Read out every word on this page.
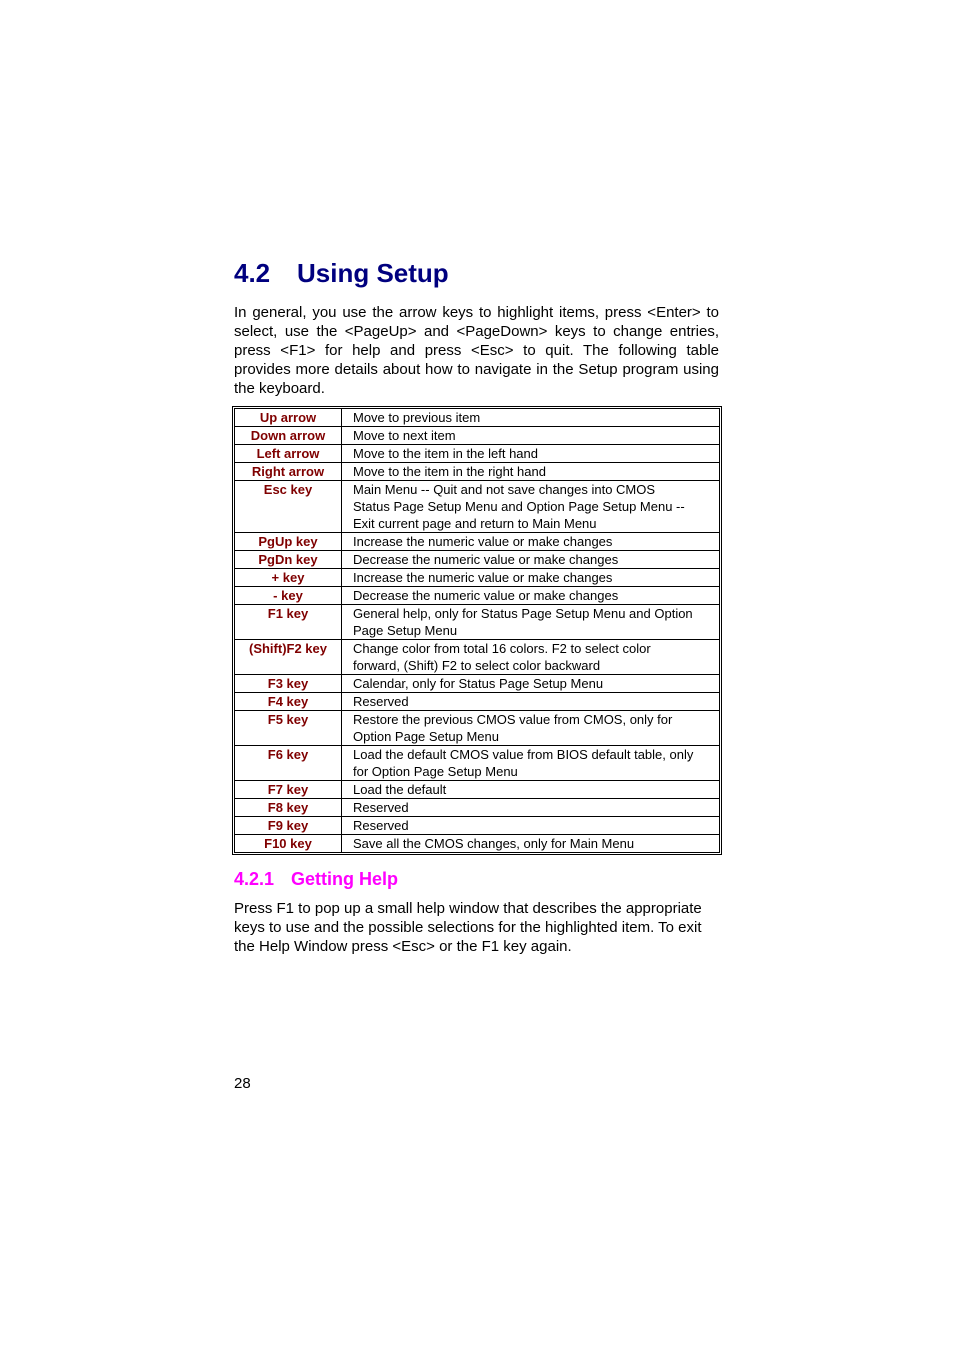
4.2 Using Setup

In general, you use the arrow keys to highlight items, press <Enter> to select, use the <PageUp> and <PageDown> keys to change entries, press <F1> for help and press <Esc> to quit. The following table provides more details about how to navigate in the Setup program using the keyboard.

Up arrow	Move to previous item
Down arrow	Move to next item
Left arrow	Move to the item in the left hand
Right arrow	Move to the item in the right hand
Esc key	Main Menu -- Quit and not save changes into CMOS
Status Page Setup Menu and Option Page Setup Menu --
Exit current page and return to Main Menu
PgUp key	Increase the numeric value or make changes
PgDn key	Decrease the numeric value or make changes
+ key	Increase the numeric value or make changes
- key	Decrease the numeric value or make changes
F1 key	General help, only for Status Page Setup Menu and Option
Page Setup Menu
(Shift)F2 key	Change color from total 16 colors. F2 to select color
forward, (Shift) F2 to select color backward
F3 key	Calendar, only for Status Page Setup Menu
F4 key	Reserved
F5 key	Restore the previous CMOS value from CMOS, only for
Option Page Setup Menu
F6 key	Load the default CMOS value from BIOS default table, only
for Option Page Setup Menu
F7 key	Load the default
F8 key	Reserved
F9 key	Reserved
F10 key	Save all the CMOS changes, only for Main Menu
4.2.1 Getting Help

Press F1 to pop up a small help window that describes the appropriate keys to use and the possible selections for the highlighted item. To exit the Help Window press <Esc> or the F1 key again.

28
